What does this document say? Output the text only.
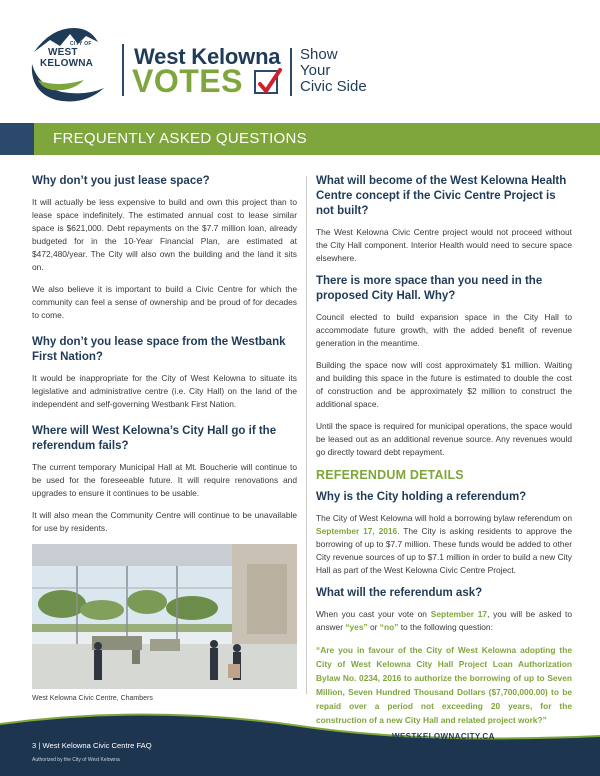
CITY OF
WEST
KELOWNA West Kelowna
VOTES
Show
Your
Civic Side
FREQUENTLY ASKED QUESTIONS
Why don’t you just lease space?

It will actually be less expensive to build and own this project than to lease space indefinitely. The estimated annual cost to lease similar space is $621,000. Debt repayments on the $7.7 million loan, already budgeted for in the 10-Year Financial Plan, are estimated at $472,480/year. The City will also own the building and the land it sits on.

We also believe it is important to build a Civic Centre for which the community can feel a sense of ownership and be proud of for decades to come.

Why don’t you lease space from the Westbank First Nation?

It would be inappropriate for the City of West Kelowna to situate its legislative and administrative centre (i.e. City Hall) on the land of the independent and self-governing Westbank First Nation.

Where will West Kelowna’s City Hall go if the referendum fails?

The current temporary Municipal Hall at Mt. Boucherie will continue to be used for the foreseeable future. It will require renovations and upgrades to ensure it continues to be usable.

It will also mean the Community Centre will continue to be unavailable for use by residents.

West Kelowna Civic Centre, Chambers
What will become of the West Kelowna Health Centre concept if the Civic Centre Project is not built?

The West Kelowna Civic Centre project would not proceed without the City Hall component. Interior Health would need to secure space elsewhere.

There is more space than you need in the proposed City Hall. Why?

Council elected to build expansion space in the City Hall to accommodate future growth, with the added benefit of revenue generation in the meantime.

Building the space now will cost approximately $1 million. Waiting and building this space in the future is estimated to double the cost of construction and be approximately $2 million to construct the additional space.

Until the space is required for municipal operations, the space would be leased out as an additional revenue source. Any revenues would go directly toward debt repayment.

REFERENDUM DETAILS
Why is the City holding a referendum?

The City of West Kelowna will hold a borrowing bylaw referendum on September 17, 2016. The City is asking residents to approve the borrowing of up to $7.7 million. These funds would be added to other City revenue sources of up to $7.1 million in order to build a new City Hall as part of the West Kelowna Civic Centre Project.

What will the referendum ask?

When you cast your vote on September 17, you will be asked to answer “yes” or “no” to the following question:

“Are you in favour of the City of West Kelowna adopting the City of West Kelowna City Hall Project Loan Authorization Bylaw No. 0234, 2016 to authorize the borrowing of up to Seven Million, Seven Hundred Thousand Dollars ($7,700,000.00) to be repaid over a period not exceeding 20 years, for the construction of a new City Hall and related project work?”

3 | West Kelowna Civic Centre FAQ
Authorized by the City of West Kelowna
WESTKELOWNACITY.CA
